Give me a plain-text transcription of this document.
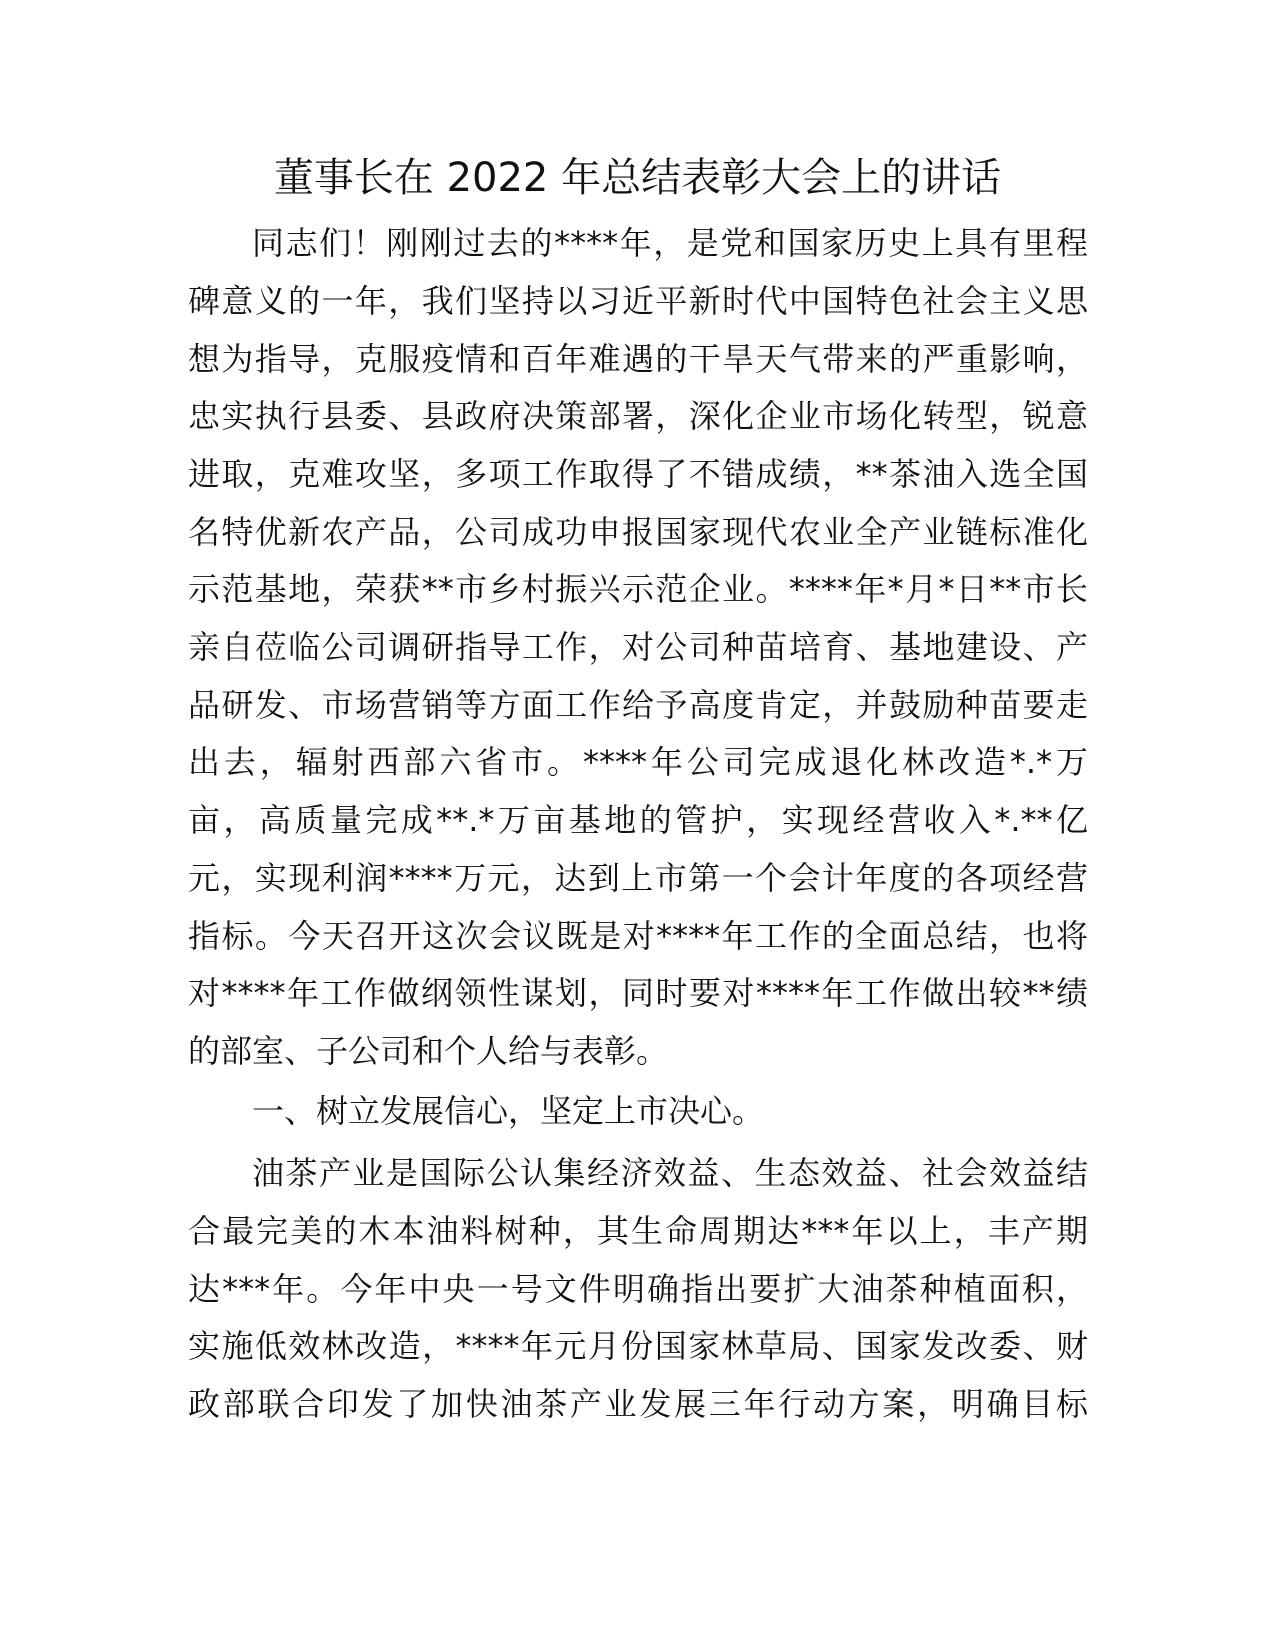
董事长在 2022 年总结表彰大会上的讲话
同志们！刚刚过去的****年，是党和国家历史上具有里程
碑意义的一年，我们坚持以习近平新时代中国特色社会主义思
想为指导，克服疫情和百年难遇的干旱天气带来的严重影响，
忠实执行县委、县政府决策部署，深化企业市场化转型，锐意
进取，克难攻坚，多项工作取得了不错成绩，**茶油入选全国
名特优新农产品，公司成功申报国家现代农业全产业链标准化
示范基地，荣获**市乡村振兴示范企业。****年*月*日**市长
亲自莅临公司调研指导工作，对公司种苗培育、基地建设、产
品研发、市场营销等方面工作给予高度肯定，并鼓励种苗要走
出去，辐射西部六省市。****年公司完成退化林改造*.*万
亩，高质量完成**.*万亩基地的管护，实现经营收入*.**亿
元，实现利润****万元，达到上市第一个会计年度的各项经营
指标。今天召开这次会议既是对****年工作的全面总结，也将
对****年工作做纲领性谋划，同时要对****年工作做出较**绩
的部室、子公司和个人给与表彰。
一、树立发展信心，坚定上市决心。
油茶产业是国际公认集经济效益、生态效益、社会效益结
合最完美的木本油料树种，其生命周期达***年以上，丰产期
达***年。今年中央一号文件明确指出要扩大油茶种植面积，
实施低效林改造，****年元月份国家林草局、国家发改委、财
政部联合印发了加快油茶产业发展三年行动方案，明确目标
